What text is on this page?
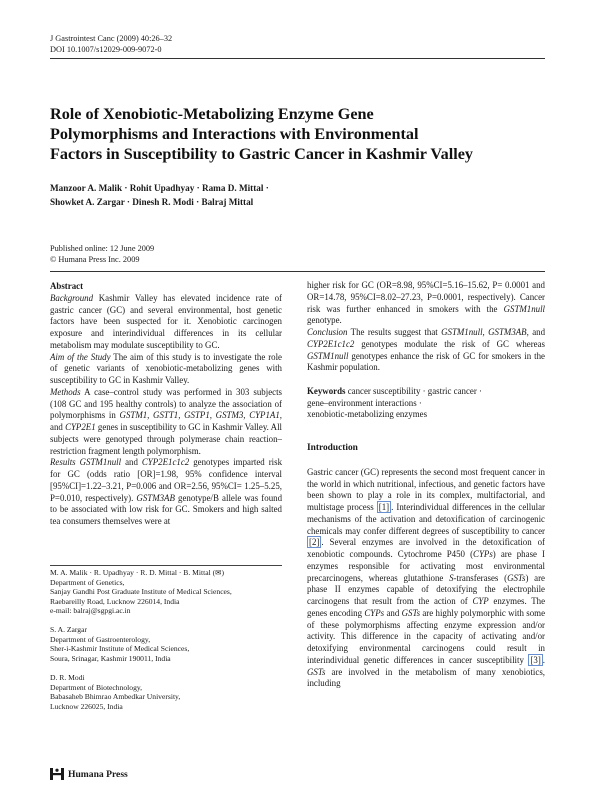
J Gastrointest Canc (2009) 40:26–32
DOI 10.1007/s12029-009-9072-0
Role of Xenobiotic-Metabolizing Enzyme Gene
Polymorphisms and Interactions with Environmental
Factors in Susceptibility to Gastric Cancer in Kashmir Valley
Manzoor A. Malik · Rohit Upadhyay · Rama D. Mittal ·
Showket A. Zargar · Dinesh R. Modi · Balraj Mittal
Published online: 12 June 2009
© Humana Press Inc. 2009
Abstract

Background Kashmir Valley has elevated incidence rate of gastric cancer (GC) and several environmental, host genetic factors have been suspected for it. Xenobiotic carcinogen exposure and interindividual differences in its cellular metabolism may modulate susceptibility to GC.

Aim of the Study The aim of this study is to investigate the role of genetic variants of xenobiotic-metabolizing genes with susceptibility to GC in Kashmir Valley.

Methods A case–control study was performed in 303 subjects (108 GC and 195 healthy controls) to analyze the association of polymorphisms in GSTM1, GSTT1, GSTP1, GSTM3, CYP1A1, and CYP2E1 genes in susceptibility to GC in Kashmir Valley. All subjects were genotyped through polymerase chain reaction–restriction fragment length polymorphism.

Results GSTM1null and CYP2E1c1c2 genotypes imparted risk for GC (odds ratio [OR]=1.98, 95% confidence interval [95%CI]=1.22–3.21, P=0.006 and OR=2.56, 95%CI= 1.25–5.25, P=0.010, respectively). GSTM3AB genotype/B allele was found to be associated with low risk for GC. Smokers and high salted tea consumers themselves were at

M. A. Malik · R. Upadhyay · R. D. Mittal · B. Mittal (✉)
Department of Genetics,
Sanjay Gandhi Post Graduate Institute of Medical Sciences,
Raebareilly Road, Lucknow 226014, India
e-mail: balraj@sgpgi.ac.in
S. A. Zargar
Department of Gastroenterology,
Sher-i-Kashmir Institute of Medical Sciences,
Soura, Srinagar, Kashmir 190011, India
D. R. Modi
Department of Biotechnology,
Babasaheb Bhimrao Ambedkar University,
Lucknow 226025, India
Humana Press

higher risk for GC (OR=8.98, 95%CI=5.16–15.62, P= 0.0001 and OR=14.78, 95%CI=8.02–27.23, P=0.0001, respectively). Cancer risk was further enhanced in smokers with the GSTM1null genotype.

Conclusion The results suggest that GSTM1null, GSTM3AB, and CYP2E1c1c2 genotypes modulate the risk of GC whereas GSTM1null genotypes enhance the risk of GC for smokers in the Kashmir population.

Keywords cancer susceptibility · gastric cancer ·
gene–environment interactions ·
xenobiotic-metabolizing enzymes
Introduction

Gastric cancer (GC) represents the second most frequent cancer in the world in which nutritional, infectious, and genetic factors have been shown to play a role in its complex, multifactorial, and multistage process [1] . Interindividual differences in the cellular mechanisms of the activation and detoxification of carcinogenic chemicals may confer different degrees of susceptibility to cancer [2] . Several enzymes are involved in the detoxification of xenobiotic compounds. Cytochrome P450 (CYPs) are phase I enzymes responsible for activating most environmental precarcinogens, whereas glutathione S-transferases (GSTs) are phase II enzymes capable of detoxifying the electrophile carcinogens that result from the action of CYP enzymes. The genes encoding CYPs and GSTs are highly polymorphic with some of these polymorphisms affecting enzyme expression and/or activity. This difference in the capacity of activating and/or detoxifying environmental carcinogens could result in interindividual genetic differences in cancer susceptibility [3] . GSTs are involved in the metabolism of many xenobiotics, including
